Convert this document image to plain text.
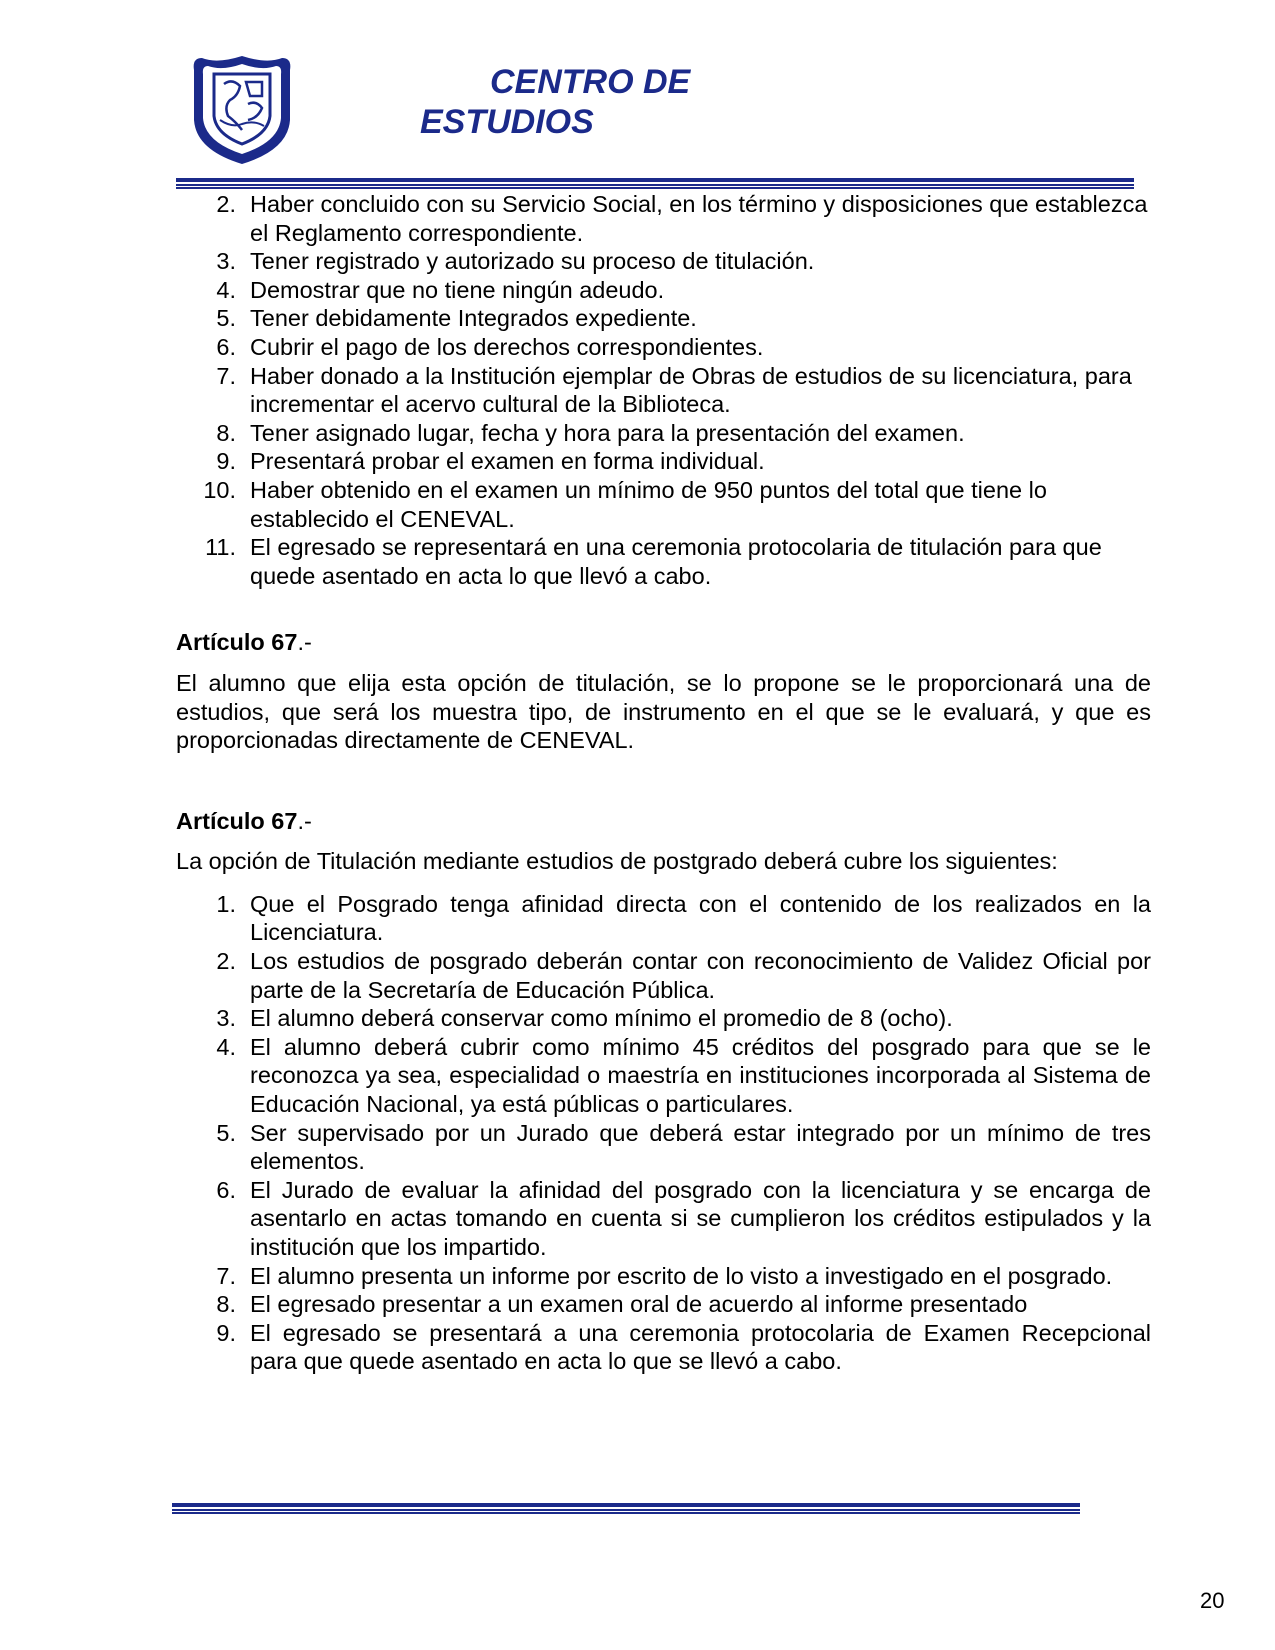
CENTRO DE
ESTUDIOS
2. Haber concluido con su Servicio Social, en los término y disposiciones que establezca el Reglamento correspondiente.
3. Tener registrado y autorizado su proceso de titulación.
4. Demostrar que no tiene ningún adeudo.
5. Tener debidamente Integrados expediente.
6. Cubrir el pago de los derechos correspondientes.
7. Haber donado a la Institución ejemplar de Obras de estudios de su licenciatura, para incrementar el acervo cultural de la Biblioteca.
8. Tener asignado lugar, fecha y hora para la presentación del examen.
9. Presentará probar el examen en forma individual.
10. Haber obtenido en el examen un mínimo de 950 puntos del total que tiene lo establecido el CENEVAL.
11. El egresado se representará en una ceremonia protocolaria de titulación para que quede asentado en acta lo que llevó a cabo.
Artículo 67.-

El alumno que elija esta opción de titulación, se lo propone se le proporcionará una de estudios, que será los muestra tipo, de instrumento en el que se le evaluará, y que es proporcionadas directamente de CENEVAL.

Artículo 67.-

La opción de Titulación mediante estudios de postgrado deberá cubre los siguientes:

1. Que el Posgrado tenga afinidad directa con el contenido de los realizados en la Licenciatura.
2. Los estudios de posgrado deberán contar con reconocimiento de Validez Oficial por parte de la Secretaría de Educación Pública.
3. El alumno deberá conservar como mínimo el promedio de 8 (ocho).
4. El alumno deberá cubrir como mínimo 45 créditos del posgrado para que se le reconozca ya sea, especialidad o maestría en instituciones incorporada al Sistema de Educación Nacional, ya está públicas o particulares.
5. Ser supervisado por un Jurado que deberá estar integrado por un mínimo de tres elementos.
6. El Jurado de evaluar la afinidad del posgrado con la licenciatura y se encarga de asentarlo en actas tomando en cuenta si se cumplieron los créditos estipulados y la institución que los impartido.
7. El alumno presenta un informe por escrito de lo visto a investigado en el posgrado.
8. El egresado presentar a un examen oral de acuerdo al informe presentado
9. El egresado se presentará a una ceremonia protocolaria de Examen Recepcional para que quede asentado en acta lo que se llevó a cabo.
20
